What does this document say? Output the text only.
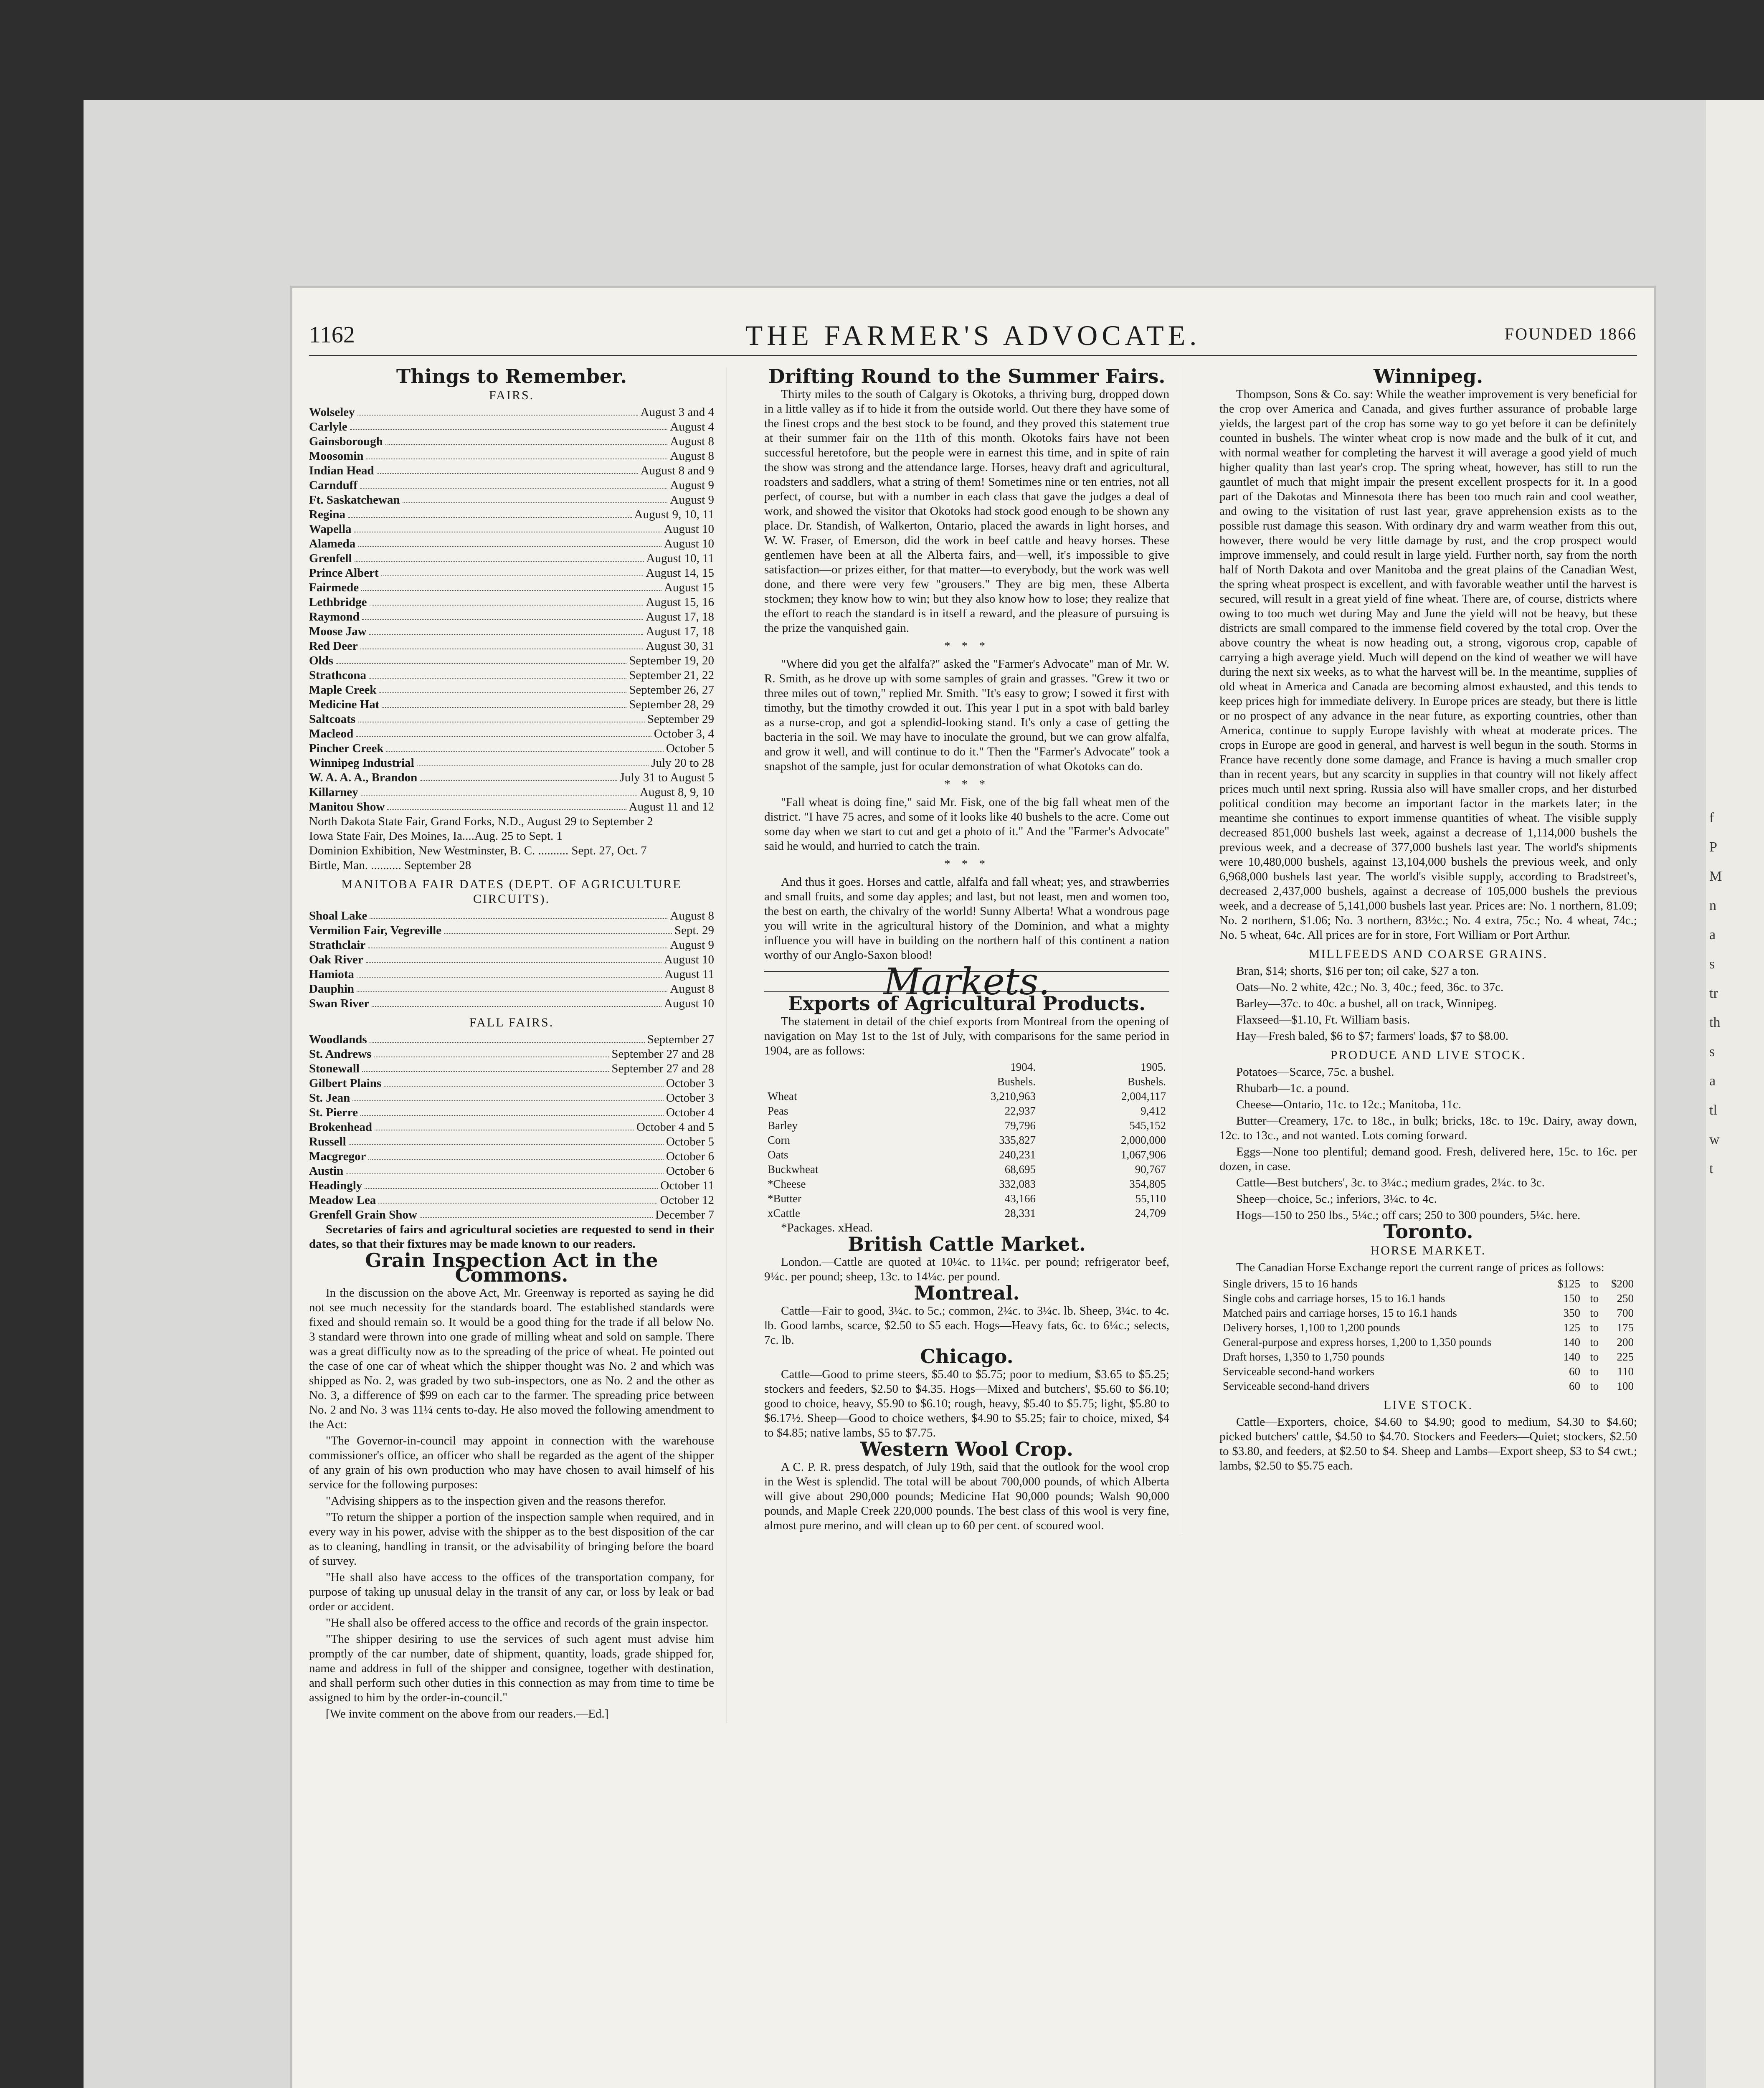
f
P
M
n
a
s
tr
th
s
a
tl
w
t
1162	THE FARMER'S ADVOCATE.	FOUNDED 1866
Things to Remember.
FAIRS.
Wolseley	August 3 and 4
Carlyle	August 4
Gainsborough	August 8
Moosomin	August 8
Indian Head	August 8 and 9
Carnduff	August 9
Ft. Saskatchewan	August 9
Regina	August 9, 10, 11
Wapella	August 10
Alameda	August 10
Grenfell	August 10, 11
Prince Albert	August 14, 15
Fairmede	August 15
Lethbridge	August 15, 16
Raymond	August 17, 18
Moose Jaw	August 17, 18
Red Deer	August 30, 31
Olds	September 19, 20
Strathcona	September 21, 22
Maple Creek	September 26, 27
Medicine Hat	September 28, 29
Saltcoats	September 29
Macleod	October 3, 4
Pincher Creek	October 5
Winnipeg Industrial	July 20 to 28
W. A. A. A., Brandon	July 31 to August 5
Killarney	August 8, 9, 10
Manitou Show	August 11 and 12
North Dakota State Fair, Grand Forks, N.D., August 29 to September 2
Iowa State Fair, Des Moines, Ia....Aug. 25 to Sept. 1
Dominion Exhibition, New Westminster, B. C. .......... Sept. 27, Oct. 7
Birtle, Man. .......... September 28
MANITOBA FAIR DATES (DEPT. OF AGRICULTURE CIRCUITS).
Shoal Lake	August 8
Vermilion Fair, Vegreville	Sept. 29
Strathclair	August 9
Oak River	August 10
Hamiota	August 11
Dauphin	August 8
Swan River	August 10
FALL FAIRS.
Woodlands	September 27
St. Andrews	September 27 and 28
Stonewall	September 27 and 28
Gilbert Plains	October 3
St. Jean	October 3
St. Pierre	October 4
Brokenhead	October 4 and 5
Russell	October 5
Macgregor	October 6
Austin	October 6
Headingly	October 11
Meadow Lea	October 12
Grenfell Grain Show	December 7

Secretaries of fairs and agricultural societies are requested to send in their dates, so that their fixtures may be made known to our readers.

Grain Inspection Act in the Commons.

In the discussion on the above Act, Mr. Greenway is reported as saying he did not see much necessity for the standards board. The established standards were fixed and should remain so. It would be a good thing for the trade if all below No. 3 standard were thrown into one grade of milling wheat and sold on sample. There was a great difficulty now as to the spreading of the price of wheat. He pointed out the case of one car of wheat which the shipper thought was No. 2 and which was shipped as No. 2, was graded by two sub-inspectors, one as No. 2 and the other as No. 3, a difference of $99 on each car to the farmer. The spreading price between No. 2 and No. 3 was 11¼ cents to-day. He also moved the following amendment to the Act:

"The Governor-in-council may appoint in connection with the warehouse commissioner's office, an officer who shall be regarded as the agent of the shipper of any grain of his own production who may have chosen to avail himself of his service for the following purposes:

"Advising shippers as to the inspection given and the reasons therefor.

"To return the shipper a portion of the inspection sample when required, and in every way in his power, advise with the shipper as to the best disposition of the car as to cleaning, handling in transit, or the advisability of bringing before the board of survey.

"He shall also have access to the offices of the transportation company, for purpose of taking up unusual delay in the transit of any car, or loss by leak or bad order or accident.

"He shall also be offered access to the office and records of the grain inspector.

"The shipper desiring to use the services of such agent must advise him promptly of the car number, date of shipment, quantity, loads, grade shipped for, name and address in full of the shipper and consignee, together with destination, and shall perform such other duties in this connection as may from time to time be assigned to him by the order-in-council."

[We invite comment on the above from our readers.—Ed.]

Drifting Round to the Summer Fairs.

Thirty miles to the south of Calgary is Okotoks, a thriving burg, dropped down in a little valley as if to hide it from the outside world. Out there they have some of the finest crops and the best stock to be found, and they proved this statement true at their summer fair on the 11th of this month. Okotoks fairs have not been successful heretofore, but the people were in earnest this time, and in spite of rain the show was strong and the attendance large. Horses, heavy draft and agricultural, roadsters and saddlers, what a string of them! Sometimes nine or ten entries, not all perfect, of course, but with a number in each class that gave the judges a deal of work, and showed the visitor that Okotoks had stock good enough to be shown any place. Dr. Standish, of Walkerton, Ontario, placed the awards in light horses, and W. W. Fraser, of Emerson, did the work in beef cattle and heavy horses. These gentlemen have been at all the Alberta fairs, and—well, it's impossible to give satisfaction—or prizes either, for that matter—to everybody, but the work was well done, and there were very few "grousers." They are big men, these Alberta stockmen; they know how to win; but they also know how to lose; they realize that the effort to reach the standard is in itself a reward, and the pleasure of pursuing is the prize the vanquished gain.

* * *

"Where did you get the alfalfa?" asked the "Farmer's Advocate" man of Mr. W. R. Smith, as he drove up with some samples of grain and grasses. "Grew it two or three miles out of town," replied Mr. Smith. "It's easy to grow; I sowed it first with timothy, but the timothy crowded it out. This year I put in a spot with bald barley as a nurse-crop, and got a splendid-looking stand. It's only a case of getting the bacteria in the soil. We may have to inoculate the ground, but we can grow alfalfa, and grow it well, and will continue to do it." Then the "Farmer's Advocate" took a snapshot of the sample, just for ocular demonstration of what Okotoks can do.

* * *

"Fall wheat is doing fine," said Mr. Fisk, one of the big fall wheat men of the district. "I have 75 acres, and some of it looks like 40 bushels to the acre. Come out some day when we start to cut and get a photo of it." And the "Farmer's Advocate" said he would, and hurried to catch the train.

* * *

And thus it goes. Horses and cattle, alfalfa and fall wheat; yes, and strawberries and small fruits, and some day apples; and last, but not least, men and women too, the best on earth, the chivalry of the world! Sunny Alberta! What a wondrous page you will write in the agricultural history of the Dominion, and what a mighty influence you will have in building on the northern half of this continent a nation worthy of our Anglo-Saxon blood!

Markets.
Exports of Agricultural Products.

The statement in detail of the chief exports from Montreal from the opening of navigation on May 1st to the 1st of July, with comparisons for the same period in 1904, are as follows:

	1904.	1905.
	Bushels.	Bushels.
Wheat	3,210,963	2,004,117
Peas	22,937	9,412
Barley	79,796	545,152
Corn	335,827	2,000,000
Oats	240,231	1,067,906
Buckwheat	68,695	90,767
*Cheese	332,083	354,805
*Butter	43,166	55,110
xCattle	28,331	24,709

*Packages. xHead.

British Cattle Market.

London.—Cattle are quoted at 10¼c. to 11¼c. per pound; refrigerator beef, 9¼c. per pound; sheep, 13c. to 14¼c. per pound.

Montreal.

Cattle—Fair to good, 3¼c. to 5c.; common, 2¼c. to 3¼c. lb. Sheep, 3¼c. to 4c. lb. Good lambs, scarce, $2.50 to $5 each. Hogs—Heavy fats, 6c. to 6¼c.; selects, 7c. lb.

Chicago.

Cattle—Good to prime steers, $5.40 to $5.75; poor to medium, $3.65 to $5.25; stockers and feeders, $2.50 to $4.35. Hogs—Mixed and butchers', $5.60 to $6.10; good to choice, heavy, $5.90 to $6.10; rough, heavy, $5.40 to $5.75; light, $5.80 to $6.17½. Sheep—Good to choice wethers, $4.90 to $5.25; fair to choice, mixed, $4 to $4.85; native lambs, $5 to $7.75.

Western Wool Crop.

A C. P. R. press despatch, of July 19th, said that the outlook for the wool crop in the West is splendid. The total will be about 700,000 pounds, of which Alberta will give about 290,000 pounds; Medicine Hat 90,000 pounds; Walsh 90,000 pounds, and Maple Creek 220,000 pounds. The best class of this wool is very fine, almost pure merino, and will clean up to 60 per cent. of scoured wool.

Winnipeg.

Thompson, Sons & Co. say: While the weather improvement is very beneficial for the crop over America and Canada, and gives further assurance of probable large yields, the largest part of the crop has some way to go yet before it can be definitely counted in bushels. The winter wheat crop is now made and the bulk of it cut, and with normal weather for completing the harvest it will average a good yield of much higher quality than last year's crop. The spring wheat, however, has still to run the gauntlet of much that might impair the present excellent prospects for it. In a good part of the Dakotas and Minnesota there has been too much rain and cool weather, and owing to the visitation of rust last year, grave apprehension exists as to the possible rust damage this season. With ordinary dry and warm weather from this out, however, there would be very little damage by rust, and the crop prospect would improve immensely, and could result in large yield. Further north, say from the north half of North Dakota and over Manitoba and the great plains of the Canadian West, the spring wheat prospect is excellent, and with favorable weather until the harvest is secured, will result in a great yield of fine wheat. There are, of course, districts where owing to too much wet during May and June the yield will not be heavy, but these districts are small compared to the immense field covered by the total crop. Over the above country the wheat is now heading out, a strong, vigorous crop, capable of carrying a high average yield. Much will depend on the kind of weather we will have during the next six weeks, as to what the harvest will be. In the meantime, supplies of old wheat in America and Canada are becoming almost exhausted, and this tends to keep prices high for immediate delivery. In Europe prices are steady, but there is little or no prospect of any advance in the near future, as exporting countries, other than America, continue to supply Europe lavishly with wheat at moderate prices. The crops in Europe are good in general, and harvest is well begun in the south. Storms in France have recently done some damage, and France is having a much smaller crop than in recent years, but any scarcity in supplies in that country will not likely affect prices much until next spring. Russia also will have smaller crops, and her disturbed political condition may become an important factor in the markets later; in the meantime she continues to export immense quantities of wheat. The visible supply decreased 851,000 bushels last week, against a decrease of 1,114,000 bushels the previous week, and a decrease of 377,000 bushels last year. The world's shipments were 10,480,000 bushels, against 13,104,000 bushels the previous week, and only 6,968,000 bushels last year. The world's visible supply, according to Bradstreet's, decreased 2,437,000 bushels, against a decrease of 105,000 bushels the previous week, and a decrease of 5,141,000 bushels last year. Prices are: No. 1 northern, 81.09; No. 2 northern, $1.06; No. 3 northern, 83½c.; No. 4 extra, 75c.; No. 4 wheat, 74c.; No. 5 wheat, 64c. All prices are for in store, Fort William or Port Arthur.

MILLFEEDS AND COARSE GRAINS.

Bran, $14; shorts, $16 per ton; oil cake, $27 a ton.

Oats—No. 2 white, 42c.; No. 3, 40c.; feed, 36c. to 37c.

Barley—37c. to 40c. a bushel, all on track, Winnipeg.

Flaxseed—$1.10, Ft. William basis.

Hay—Fresh baled, $6 to $7; farmers' loads, $7 to $8.00.

PRODUCE AND LIVE STOCK.

Potatoes—Scarce, 75c. a bushel.

Rhubarb—1c. a pound.

Cheese—Ontario, 11c. to 12c.; Manitoba, 11c.

Butter—Creamery, 17c. to 18c., in bulk; bricks, 18c. to 19c. Dairy, away down, 12c. to 13c., and not wanted. Lots coming forward.

Eggs—None too plentiful; demand good. Fresh, delivered here, 15c. to 16c. per dozen, in case.

Cattle—Best butchers', 3c. to 3¼c.; medium grades, 2¼c. to 3c.

Sheep—choice, 5c.; inferiors, 3¼c. to 4c.

Hogs—150 to 250 lbs., 5¼c.; off cars; 250 to 300 pounders, 5¼c. here.

Toronto.
HORSE MARKET.

The Canadian Horse Exchange report the current range of prices as follows:

Single drivers, 15 to 16 hands	$125	to	$200
Single cobs and carriage horses, 15 to 16.1 hands	150	to	250
Matched pairs and carriage horses, 15 to 16.1 hands	350	to	700
Delivery horses, 1,100 to 1,200 pounds	125	to	175
General-purpose and express horses, 1,200 to 1,350 pounds	140	to	200
Draft horses, 1,350 to 1,750 pounds	140	to	225
Serviceable second-hand workers	60	to	110
Serviceable second-hand drivers	60	to	100
LIVE STOCK.

Cattle—Exporters, choice, $4.60 to $4.90; good to medium, $4.30 to $4.60; picked butchers' cattle, $4.50 to $4.70. Stockers and Feeders—Quiet; stockers, $2.50 to $3.80, and feeders, at $2.50 to $4. Sheep and Lambs—Export sheep, $3 to $4 cwt.; lambs, $2.50 to $5.75 each.
